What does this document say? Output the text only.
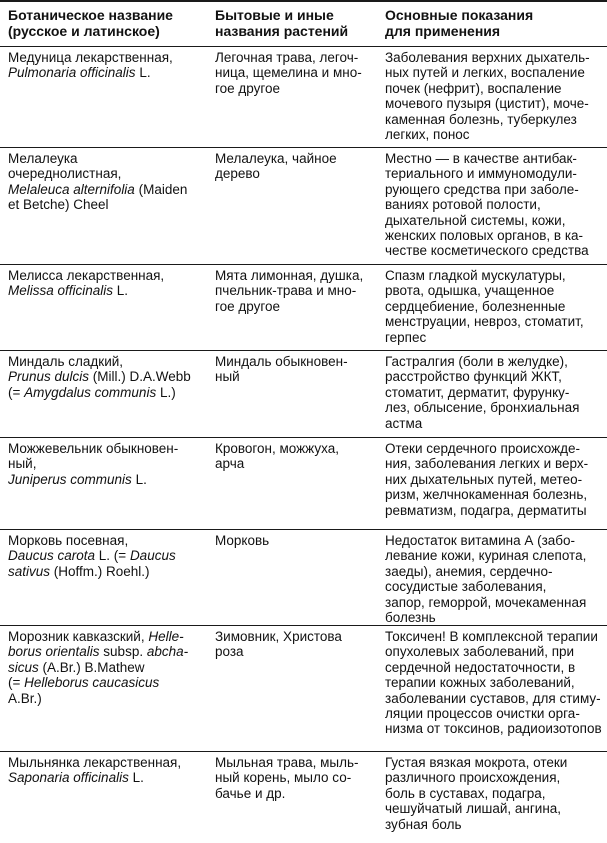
Ботаническое название
(русское и латинское)
Бытовые и иные
названия растений
Основные показания
для применения
Медуница лекарственная,
Pulmonaria officinalis L.
Легочная трава, легоч-
ница, щемелина и мно-
гое другое
Заболевания верхних дыхатель-
ных путей и легких, воспаление
почек (нефрит), воспаление
мочевого пузыря (цистит), моче-
каменная болезнь, туберкулез
легких, понос
Мелалеука
очереднолистная,
Melaleuca alternifolia (Maiden
et Betche) Cheel
Мелалеука, чайное
дерево
Местно — в качестве антибак-
териального и иммуномодули-
рующего средства при заболе-
ваниях ротовой полости,
дыхательной системы, кожи,
женских половых органов, в ка-
честве косметического средства
Мелисса лекарственная,
Melissa officinalis L.
Мята лимонная, душка,
пчельник-трава и мно-
гое другое
Спазм гладкой мускулатуры,
рвота, одышка, учащенное
сердцебиение, болезненные
менструации, невроз, стоматит,
герпес
Миндаль сладкий,
Prunus dulcis (Mill.) D.A.Webb
(= Amygdalus communis L.)
Миндаль обыкновен-
ный
Гастралгия (боли в желудке),
расстройство функций ЖКТ,
стоматит, дерматит, фурунку-
лез, облысение, бронхиальная
астма
Можжевельник обыкновен-
ный,
Juniperus communis L.
Кровогон, можжуха,
арча
Отеки сердечного происхожде-
ния, заболевания легких и верх-
них дыхательных путей, метео-
ризм, желчнокаменная болезнь,
ревматизм, подагра, дерматиты
Морковь посевная,
Daucus carota L. (= Daucus
sativus (Hoffm.) Roehl.)
Морковь	Недостаток витамина А (забо-
левание кожи, куриная слепота,
заеды), анемия, сердечно-
сосудистые заболевания,
запор, геморрой, мочекаменная
болезнь
Морозник кавказский, Helle-
borus orientalis subsp. abcha-
sicus (A.Br.) B.Mathew
(= Helleborus caucasicus
A.Br.)
Зимовник, Христова
роза
Токсичен! В комплексной терапии
опухолевых заболеваний, при
сердечной недостаточности, в
терапии кожных заболеваний,
заболевании суставов, для стиму-
ляции процессов очистки орга-
низма от токсинов, радиоизотопов
Мыльнянка лекарственная,
Saponaria officinalis L.
Мыльная трава, мыль-
ный корень, мыло со-
бачье и др.
Густая вязкая мокрота, отеки
различного происхождения,
боль в суставах, подагра,
чешуйчатый лишай, ангина,
зубная боль
